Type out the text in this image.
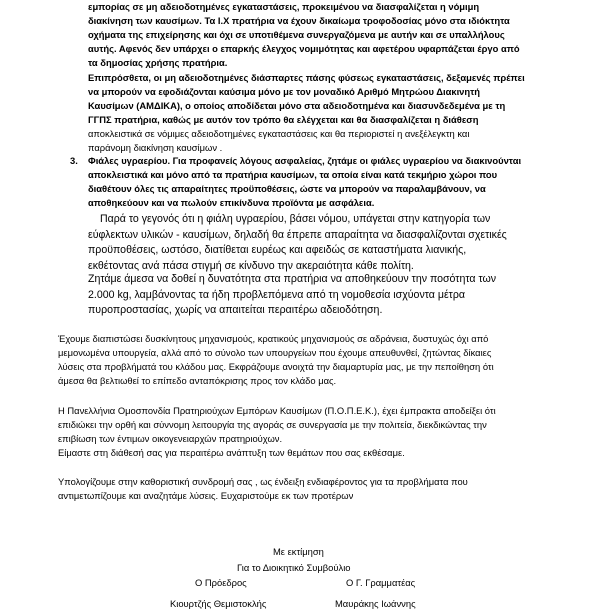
εμπορίας σε μη αδειοδοτημένες εγκαταστάσεις, προκειμένου να διασφαλίζεται η νόμιμη
διακίνηση των καυσίμων. Τα Ι.Χ πρατήρια να έχουν δικαίωμα τροφοδοσίας μόνο στα ιδιόκτητα
οχήματα της επιχείρησης και όχι σε υποτιθέμενα συνεργαζόμενα με αυτήν και σε υπαλλήλους
αυτής. Αφενός δεν υπάρχει ο επαρκής έλεγχος νομιμότητας και αφετέρου υφαρπάζεται έργο από
τα δημοσίας χρήσης πρατήρια.

Επιπρόσθετα, οι μη αδειοδοτημένες διάσπαρτες πάσης φύσεως εγκαταστάσεις, δεξαμενές πρέπει
να μπορούν να εφοδιάζονται καύσιμα μόνο με τον μοναδικό Αριθμό Μητρώου Διακινητή
Καυσίμων (ΑΜΔΙΚΑ), ο οποίος αποδίδεται μόνο στα αδειοδοτημένα και διασυνδεδεμένα με τη
ΓΓΠΣ πρατήρια, καθώς με αυτόν τον τρόπο θα ελέγχεται και θα διασφαλίζεται η διάθεση
αποκλειστικά σε νόμιμες αδειοδοτημένες εγκαταστάσεις και θα περιοριστεί η ανεξέλεγκτη και
παράνομη διακίνηση καυσίμων .

3. Φιάλες υγραερίου. Για προφανείς λόγους ασφαλείας, ζητάμε οι φιάλες υγραερίου να διακινούνται
αποκλειστικά και μόνο από τα πρατήρια καυσίμων, τα οποία είναι κατά τεκμήριο χώροι που
διαθέτουν όλες τις απαραίτητες προϋποθέσεις, ώστε να μπορούν να παραλαμβάνουν, να
αποθηκεύουν και να πωλούν επικίνδυνα προϊόντα με ασφάλεια.

Παρά το γεγονός ότι η φιάλη υγραερίου, βάσει νόμου, υπάγεται στην κατηγορία των
εύφλεκτων υλικών - καυσίμων, δηλαδή θα έπρεπε απαραίτητα να διασφαλίζονται σχετικές
προϋποθέσεις, ωστόσο, διατίθεται ευρέως και αφειδώς σε καταστήματα λιανικής,
εκθέτοντας ανά πάσα στιγμή σε κίνδυνο την ακεραιότητα κάθε πολίτη.

Ζητάμε άμεσα να δοθεί η δυνατότητα στα πρατήρια να αποθηκεύουν την ποσότητα των
2.000 kg, λαμβάνοντας τα ήδη προβλεπόμενα από τη νομοθεσία ισχύοντα μέτρα
πυροπροστασίας, χωρίς να απαιτείται περαιτέρω αδειοδότηση.

Έχουμε διαπιστώσει δυσκίνητους μηχανισμούς, κρατικούς μηχανισμούς σε αδράνεια, δυστυχώς όχι από
μεμονωμένα υπουργεία, αλλά από το σύνολο των υπουργείων που έχουμε απευθυνθεί, ζητώντας δίκαιες
λύσεις στα προβλήματά του κλάδου μας. Εκφράζουμε ανοιχτά την διαμαρτυρία μας, με την πεποίθηση ότι
άμεσα θα βελτιωθεί το επίπεδο ανταπόκρισης προς τον κλάδο μας.

Η Πανελλήνια Ομοσπονδία Πρατηριούχων Εμπόρων Καυσίμων (Π.Ο.Π.Ε.Κ.), έχει έμπρακτα αποδείξει ότι
επιδιώκει την ορθή και σύννομη λειτουργία της αγοράς σε συνεργασία με την πολιτεία, διεκδικώντας την
επιβίωση των έντιμων οικογενειαρχών πρατηριούχων.
Είμαστε στη διάθεσή σας για περαιτέρω ανάπτυξη των θεμάτων που σας εκθέσαμε.

Υπολογίζουμε στην καθοριστική συνδρομή σας , ως ένδειξη ενδιαφέροντος για τα προβλήματα που
αντιμετωπίζουμε και αναζητάμε λύσεις. Ευχαριστούμε εκ των προτέρων

Με εκτίμηση
Για το Διοικητικό Συμβούλιο
Ο Πρόεδρος	Ο Γ. Γραμματέας
Κιουρτζής Θεμιστοκλής	Μαυράκης Ιωάννης
